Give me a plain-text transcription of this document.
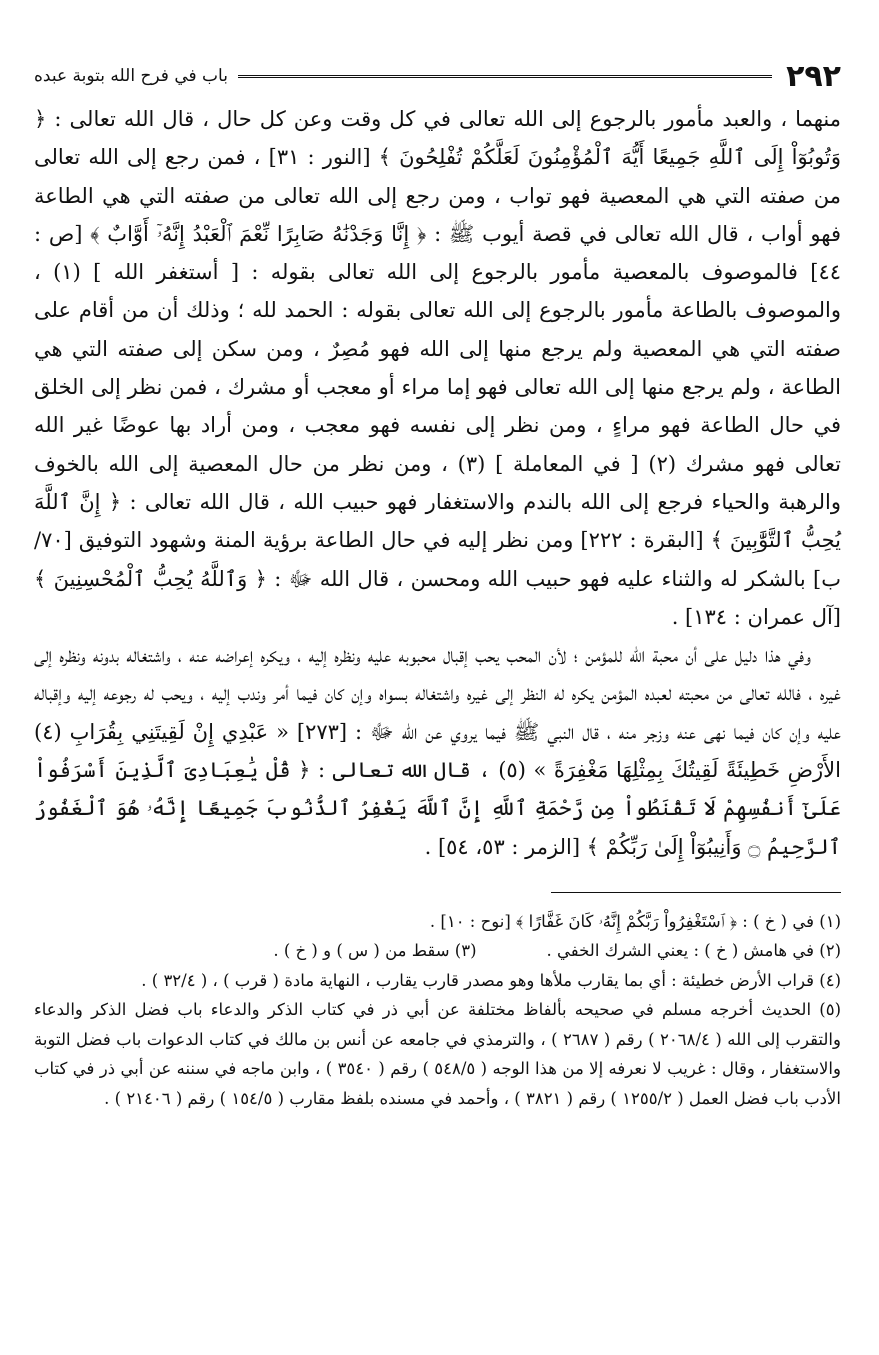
٢٩٢
باب في فرح الله بتوبة عبده

منهما ، والعبد مأمور بالرجوع إلى الله تعالى في كل وقت وعن كل حال ، قال الله تعالى : ﴿ وَتُوبُوٓاْ إِلَى ٱللَّهِ جَمِيعًا أَيُّهَ ٱلْمُؤْمِنُونَ لَعَلَّكُمْ تُفْلِحُونَ ﴾ [النور : ٣١] ، فمن رجع إلى الله تعالى من صفته التي هي المعصية فهو تواب ، ومن رجع إلى الله تعالى من صفته التي هي الطاعة فهو أواب ، قال الله تعالى في قصة أيوب ﷺ : ﴿ إِنَّا وَجَدْنَٰهُ صَابِرًا نِّعْمَ ٱلْعَبْدُ إِنَّهُۥٓ أَوَّابٌ ﴾ [ص : ٤٤] فالموصوف بالمعصية مأمور بالرجوع إلى الله تعالى بقوله : [ أستغفر الله ] (١) ، والموصوف بالطاعة مأمور بالرجوع إلى الله تعالى بقوله : الحمد لله ؛ وذلك أن من أقام على صفته التي هي المعصية ولم يرجع منها إلى الله فهو مُصِرٌ ، ومن سكن إلى صفته التي هي الطاعة ، ولم يرجع منها إلى الله تعالى فهو إما مراء أو معجب أو مشرك ، فمن نظر إلى الخلق في حال الطاعة فهو مراءٍ ، ومن نظر إلى نفسه فهو معجب ، ومن أراد بها عوضًا غير الله تعالى فهو مشرك (٢) [ في المعاملة ] (٣) ، ومن نظر من حال المعصية إلى الله بالخوف والرهبة والحياء فرجع إلى الله بالندم والاستغفار فهو حبيب الله ، قال الله تعالى : ﴿ إِنَّ ٱللَّهَ يُحِبُّ ٱلتَّوَّٰبِينَ ﴾ [البقرة : ٢٢٢] ومن نظر إليه في حال الطاعة برؤية المنة وشهود التوفيق [٧٠/ب] بالشكر له والثناء عليه فهو حبيب الله ومحسن ، قال الله ﷻ : ﴿ وَٱللَّهُ يُحِبُّ ٱلْمُحْسِنِينَ ﴾ [آل عمران : ١٣٤] .

وفي هذا دليل على أن محبة الله للمؤمن ؛ لأن المحب يحب إقبال محبوبه عليه ونظره إليه ، ويكره إعراضه عنه ، واشتغاله بدونه ونظره إلى غيره ، فالله تعالى من محبته لعبده المؤمن يكره له النظر إلى غيره واشتغاله بسواه وإن كان فيما أمر وندب إليه ، ويحب له رجوعه إليه وإقباله عليه وإن كان فيما نهى عنه وزجر منه ، قال النبي ﷺ فيما يروي عن الله ﷻ : [٢٧٣] « عَبْدِي إِنْ لَقِيتَنِي بِقُرَابِ (٤) الأَرْضِ خَطِيئَةً لَقِيتُكَ بِمِثْلِهَا مَغْفِرَةً » (٥) ، قال الله تعالى : ﴿ قُلْ يَٰعِبَادِىَ ٱلَّذِينَ أَسْرَفُواْ عَلَىٰٓ أَنفُسِهِمْ لَا تَقْنَطُواْ مِن رَّحْمَةِ ٱللَّهِ إِنَّ ٱللَّهَ يَغْفِرُ ٱلذُّنُوبَ جَمِيعًا إِنَّهُۥ هُوَ ٱلْغَفُورُ ٱلرَّحِيمُ ۝ وَأَنِيبُوٓاْ إِلَىٰ رَبِّكُمْ ﴾ [الزمر : ٥٣، ٥٤] .

(١) في ( خ ) : ﴿ ٱسْتَغْفِرُواْ رَبَّكُمْ إِنَّهُۥ كَانَ غَفَّارًا ﴾ [نوح : ١٠] .

(٢) في هامش ( خ ) : يعني الشرك الخفي .
(٣) سقط من ( س ) و ( خ ) .

(٤) قراب الأرض خطيئة : أي بما يقارب ملأها وهو مصدر قارب يقارب ، النهاية مادة ( قرب ) ، ( ٣٢/٤ ) .

(٥) الحديث أخرجه مسلم في صحيحه بألفاظ مختلفة عن أبي ذر في كتاب الذكر والدعاء باب فضل الذكر والدعاء والتقرب إلى الله ( ٢٠٦٨/٤ ) رقم ( ٢٦٨٧ ) ، والترمذي في جامعه عن أنس بن مالك في كتاب الدعوات باب فضل التوبة والاستغفار ، وقال : غريب لا نعرفه إلا من هذا الوجه ( ٥٤٨/٥ ) رقم ( ٣٥٤٠ ) ، وابن ماجه في سننه عن أبي ذر في كتاب الأدب باب فضل العمل ( ١٢٥٥/٢ ) رقم ( ٣٨٢١ ) ، وأحمد في مسنده بلفظ مقارب ( ١٥٤/٥ ) رقم ( ٢١٤٠٦ ) .
